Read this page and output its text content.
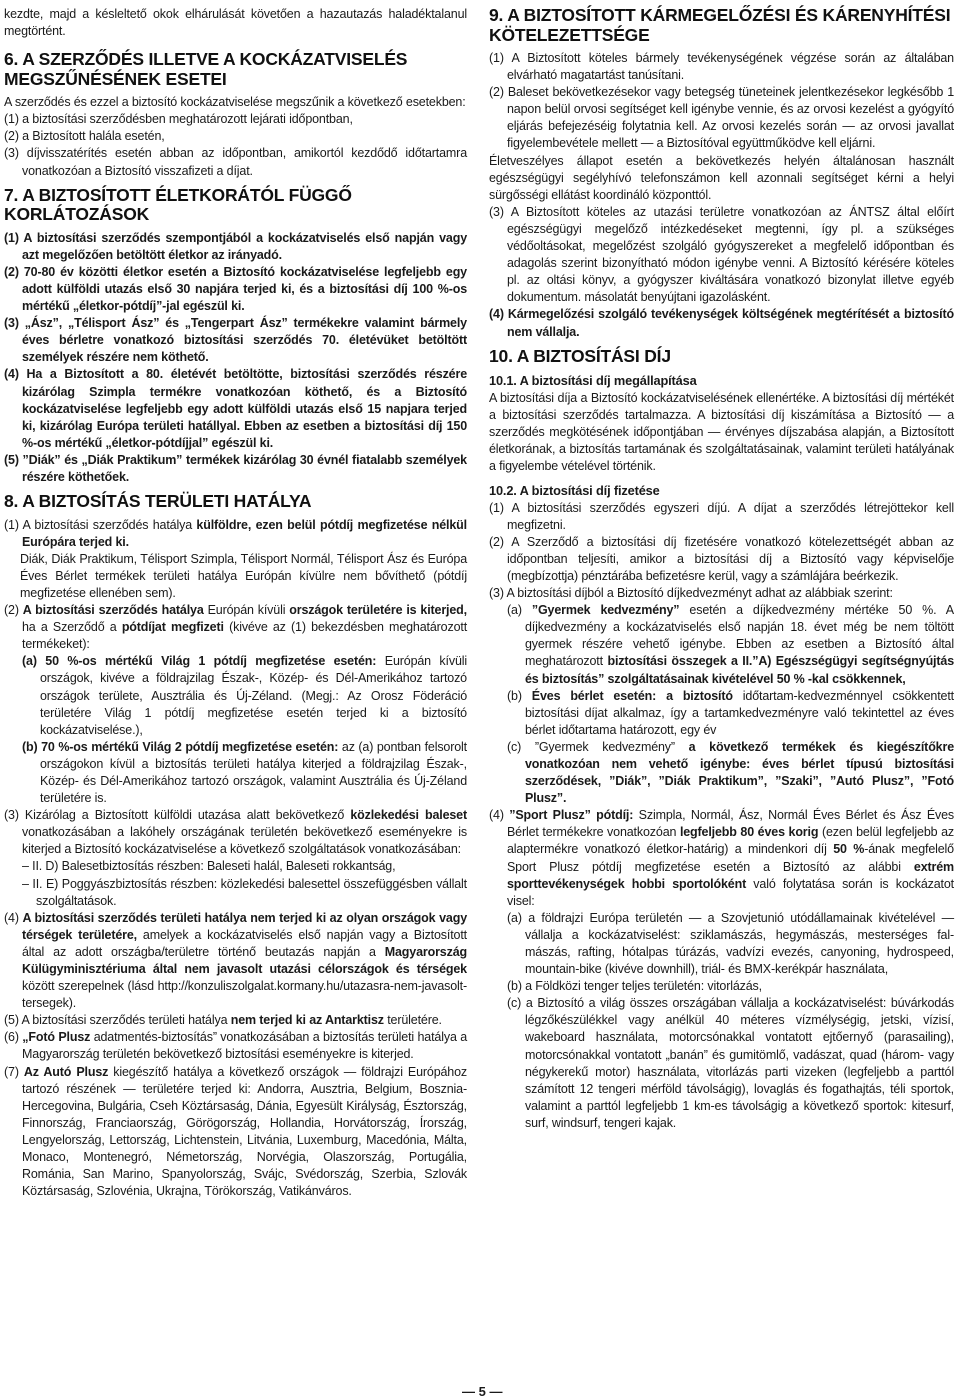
kezdte, majd a késleltető okok elhárulását követően a hazautazás haladéktalanul megtörtént.

6. A SZERZŐDÉS ILLETVE A KOCKÁZATVISELÉS MEGSZŰNÉSÉNEK ESETEI

A szerződés és ezzel a biztosító kockázatviselése megszűnik a következő esetekben:

(1) a biztosítási szerződésben meghatározott lejárati időpontban,

(2) a Biztosított halála esetén,

(3) díjvisszatérítés esetén abban az időpontban, amikortól kezdődő időtartamra vonatkozóan a Biztosító visszafizeti a díjat.

7. A BIZTOSÍTOTT ÉLETKORÁTÓL FÜGGŐ KORLÁTOZÁSOK

(1) A biztosítási szerződés szempontjából a kockázatviselés első napján vagy azt megelőzően betöltött életkor az irányadó.

(2) 70-80 év közötti életkor esetén a Biztosító kockázatviselése legfeljebb egy adott külföldi utazás első 30 napjára terjed ki, és a biztosítási díj 100 %-os mértékű „életkor-pótdíj”-jal egészül ki.

(3) „Ász”, „Télisport Ász” és „Tengerpart Ász” termékekre valamint bármely éves bérletre vonatkozó biztosítási szerződés 70. életévüket betöltött személyek részére nem köthető.

(4) Ha a Biztosított a 80. életévét betöltötte, biztosítási szerződés részére kizárólag Szimpla termékre vonatkozóan köthető, és a Biztosító kockázatviselése legfeljebb egy adott külföldi utazás első 15 napjara terjed ki, kizárólag Európa területi hatállyal. Ebben az esetben a biztosítási díj 150 %-os mértékű „életkor-pótdíjjal” egészül ki.

(5) ”Diák” és „Diák Praktikum” termékek kizárólag 30 évnél fiatalabb személyek részére köthetőek.

8. A BIZTOSÍTÁS TERÜLETI HATÁLYA

(1) A biztosítási szerződés hatálya külföldre, ezen belül pótdíj megfizetése nélkül Európára terjed ki.

Diák, Diák Praktikum, Télisport Szimpla, Télisport Normál, Télisport Ász és Európa Éves Bérlet termékek területi hatálya Európán kívülre nem bővíthető (pótdíj megfizetése ellenében sem).

(2) A biztosítási szerződés hatálya Európán kívüli országok területére is kiterjed, ha a Szerződő a pótdíjat megfizeti (kivéve az (1) bekezdésben meghatározott termékeket):

(a) 50 %-os mértékű Világ 1 pótdíj megfizetése esetén: Európán kívüli országok, kivéve a földrajzilag Észak-, Közép- és Dél-Amerikához tartozó országok területe, Ausztrália és Új-Zéland. (Megj.: Az Orosz Föderáció területére Világ 1 pótdíj megfizetése esetén terjed ki a biztosító kockázatviselése.),

(b) 70 %-os mértékű Világ 2 pótdíj megfizetése esetén: az (a) pontban felsorolt országokon kívül a biztosítás területi hatálya kiterjed a földrajzilag Észak-, Közép- és Dél-Amerikához tartozó országok, valamint Ausztrália és Új-Zéland területére is.

(3) Kizárólag a Biztosított külföldi utazása alatt bekövetkező közlekedési baleset vonatkozásában a lakóhely országának területén bekövetkező eseményekre is kiterjed a Biztosító kockázatviselése a következő szolgáltatások vonatkozásában:

– II. D) Balesetbiztosítás részben: Baleseti halál, Baleseti rokkantság,

– II. E) Poggyászbiztosítás részben: közlekedési balesettel összefüggésben vállalt szolgáltatások.

(4) A biztosítási szerződés területi hatálya nem terjed ki az olyan országok vagy térségek területére, amelyek a kockázatviselés első napján vagy a Biztosított által az adott országba/területre történő beutazás napján a Magyarország Külügyminisztériuma által nem javasolt utazási célországok és térségek között szerepelnek (lásd http://konzuliszolgalat.kormany.hu/utazasra-nem-javasolt-tersegek).

(5) A biztosítási szerződés területi hatálya nem terjed ki az Antarktisz területére.

(6) „Fotó Plusz adatmentés-biztosítás” vonatkozásában a biztosítás területi hatálya a Magyarország területén bekövetkező biztosítási eseményekre is kiterjed.

(7) Az Autó Plusz kiegészítő hatálya a következő országok — földrajzi Európához tartozó részének — területére terjed ki: Andorra, Ausztria, Belgium, Bosznia-Hercegovina, Bulgária, Cseh Köztársaság, Dánia, Egyesült Királyság, Észtország, Finnország, Franciaország, Görögország, Hollandia, Horvátország, Írország, Lengyelország, Lettország, Lichtenstein, Litvánia, Luxemburg, Macedónia, Málta, Monaco, Montenegró, Németország, Norvégia, Olaszország, Portugália, Románia, San Marino, Spanyolország, Svájc, Svédország, Szerbia, Szlovák Köztársaság, Szlovénia, Ukrajna, Törökország, Vatikánváros.

9. A BIZTOSÍTOTT KÁRMEGELŐZÉSI ÉS KÁRENYHÍTÉSI KÖTELEZETTSÉGE

(1) A Biztosított köteles bármely tevékenységének végzése során az általában elvárható magatartást tanúsítani.

(2) Baleset bekövetkezésekor vagy betegség tüneteinek jelentkezésekor legkésőbb 1 napon belül orvosi segítséget kell igénybe vennie, és az orvosi kezelést a gyógyító eljárás befejezéséig folytatnia kell. Az orvosi kezelés során — az orvosi javallat figyelembevétele mellett — a Biztosítóval együttműködve kell eljárni.

Életveszélyes állapot esetén a bekövetkezés helyén általánosan használt egészségügyi segélyhívó telefonszámon kell azonnali segítséget kérni a helyi sürgősségi ellátást koordináló központtól.

(3) A Biztosított köteles az utazási területre vonatkozóan az ÁNTSZ által előírt egészségügyi megelőző intézkedéseket megtenni, így pl. a szükséges védőoltásokat, megelőzést szolgáló gyógyszereket a megfelelő időpontban és adagolás szerint bizonyítható módon igénybe venni. A Biztosító kérésére köteles pl. az oltási könyv, a gyógyszer kiváltására vonatkozó bizonylat illetve egyéb dokumentum. másolatát benyújtani igazolásként.

(4) Kármegelőzési szolgáló tevékenységek költségének megtérítését a biztosító nem vállalja.

10. A BIZTOSÍTÁSI DÍJ
10.1. A biztosítási díj megállapítása

A biztosítási díja a Biztosító kockázatviselésének ellenértéke. A biztosítási díj mértékét a biztosítási szerződés tartalmazza. A biztosítási díj kiszámítása a Biztosító — a szerződés megkötésének időpontjában — érvényes díjszabása alapján, a Biztosított életkorának, a biztosítás tartamának és szolgáltatásainak, valamint területi hatályának a figyelembe vételével történik.

10.2. A biztosítási díj fizetése

(1) A biztosítási szerződés egyszeri díjú. A díjat a szerződés létrejöttekor kell megfizetni.

(2) A Szerződő a biztosítási díj fizetésére vonatkozó kötelezettségét abban az időpontban teljesíti, amikor a biztosítási díj a Biztosító vagy képviselője (megbízottja) pénztárába befizetésre kerül, vagy a számlájára beérkezik.

(3) A biztosítási díjból a Biztosító díjkedvezményt adhat az alábbiak szerint:

(a) ”Gyermek kedvezmény” esetén a díjkedvezmény mértéke 50 %. A díjkedvezmény a kockázatviselés első napján 18. évet még be nem töltött gyermek részére vehető igénybe. Ebben az esetben a Biztosító által meghatározott biztosítási összegek a II.”A) Egészségügyi segítségnyújtás és biztosítás” szolgáltatásainak kivételével 50 % -kal csökkennek,

(b) Éves bérlet esetén: a biztosító időtartam-kedvezménnyel csökkentett biztosítási díjat alkalmaz, így a tartamkedvezményre való tekintettel az éves bérlet időtartama határozott, egy év

(c) ”Gyermek kedvezmény” a következő termékek és kiegészítőkre vonatkozóan nem vehető igénybe: éves bérlet típusú biztosítási szerződések, ”Diák”, ”Diák Praktikum”, ”Szaki”, ”Autó Plusz”, ”Fotó Plusz”.

(4) ”Sport Plusz” pótdíj: Szimpla, Normál, Ász, Normál Éves Bérlet és Ász Éves Bérlet termékekre vonatkozóan legfeljebb 80 éves korig (ezen belül legfeljebb az alaptermékre vonatkozó életkor-határig) a mindenkori díj 50 %-ának megfelelő Sport Plusz pótdíj megfizetése esetén a Biztosító az alábbi extrém sporttevékenységek hobbi sportolóként való folytatása során is kockázatot visel:

(a) a földrajzi Európa területén — a Szovjetunió utódállamainak kivételével — vállalja a kockázatviselést: sziklamászás, hegymászás, mesterséges fal-mászás, rafting, hótalpas túrázás, vadvízi evezés, canyoning, hydrospeed, mountain-bike (kivéve downhill), triál- és BMX-kerékpár használata,

(b) a Földközi tenger teljes területén: vitorlázás,

(c) a Biztosító a világ összes országában vállalja a kockázatviselést: búvárkodás légzőkészülékkel vagy anélkül 40 méteres vízmélységig, jetski, vízisí, wakeboard használata, motorcsónakkal vontatott ejtőernyő (parasailing), motorcsónakkal vontatott „banán” és gumitömlő, vadászat, quad (három- vagy négykerekű motor) használata, vitorlázás parti vizeken (legfeljebb a parttól számított 12 tengeri mérföld távolságig), lovaglás és fogathajtás, téli sportok, valamint a parttól legfeljebb 1 km-es távolságig a következő sportok: kitesurf, surf, windsurf, tengeri kajak.

— 5 —
